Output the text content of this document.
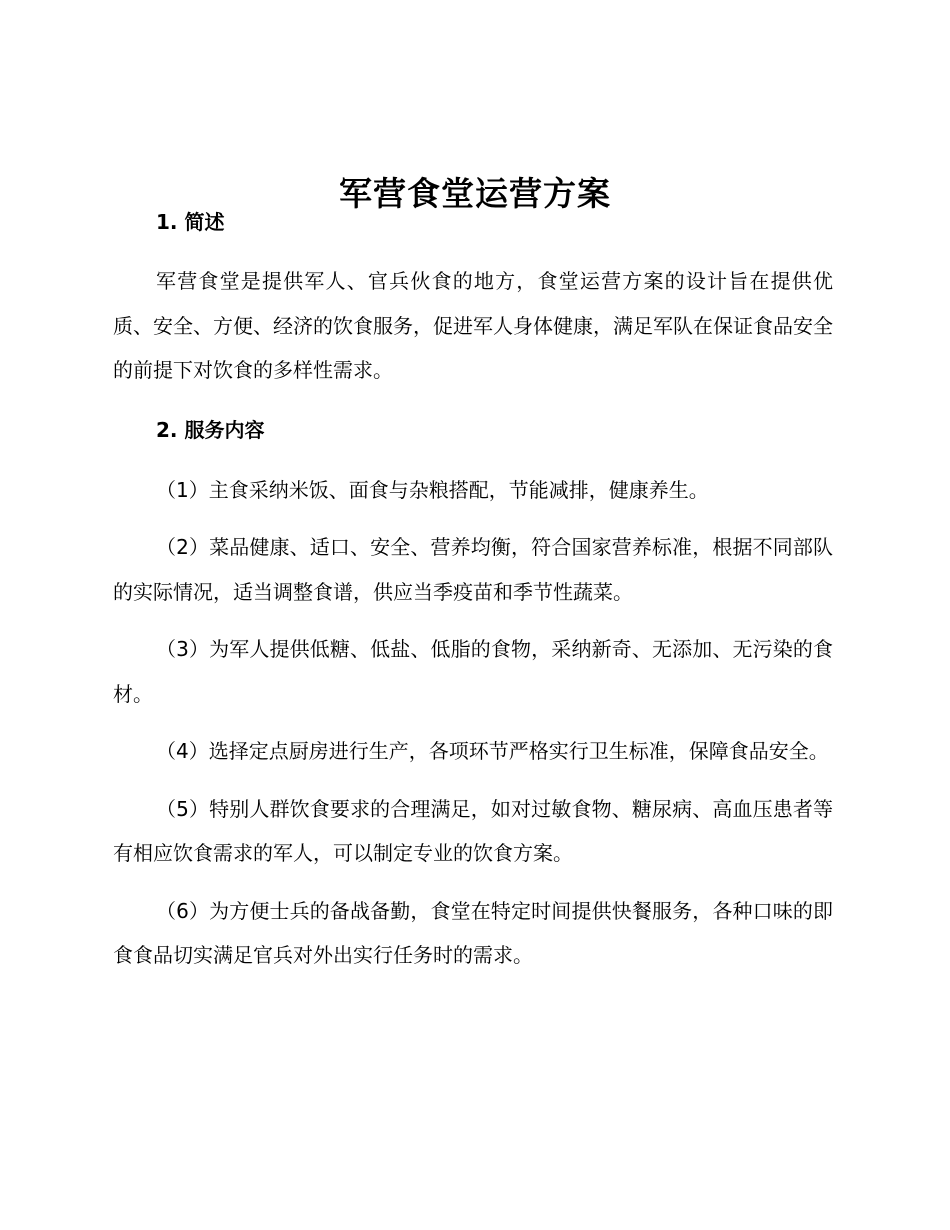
军营食堂运营方案
1. 简述

军营食堂是提供军人、官兵伙食的地方，食堂运营方案的设计旨在提供优质、安全、方便、经济的饮食服务，促进军人身体健康，满足军队在保证食品安全的前提下对饮食的多样性需求。

2. 服务内容

（1）主食采纳米饭、面食与杂粮搭配，节能减排，健康养生。

（2）菜品健康、适口、安全、营养均衡，符合国家营养标准，根据不同部队的实际情况，适当调整食谱，供应当季疫苗和季节性蔬菜。

（3）为军人提供低糖、低盐、低脂的食物，采纳新奇、无添加、无污染的食材。

（4）选择定点厨房进行生产，各项环节严格实行卫生标准，保障食品安全。

（5）特别人群饮食要求的合理满足，如对过敏食物、糖尿病、高血压患者等有相应饮食需求的军人，可以制定专业的饮食方案。

（6）为方便士兵的备战备勤，食堂在特定时间提供快餐服务，各种口味的即食食品切实满足官兵对外出实行任务时的需求。
